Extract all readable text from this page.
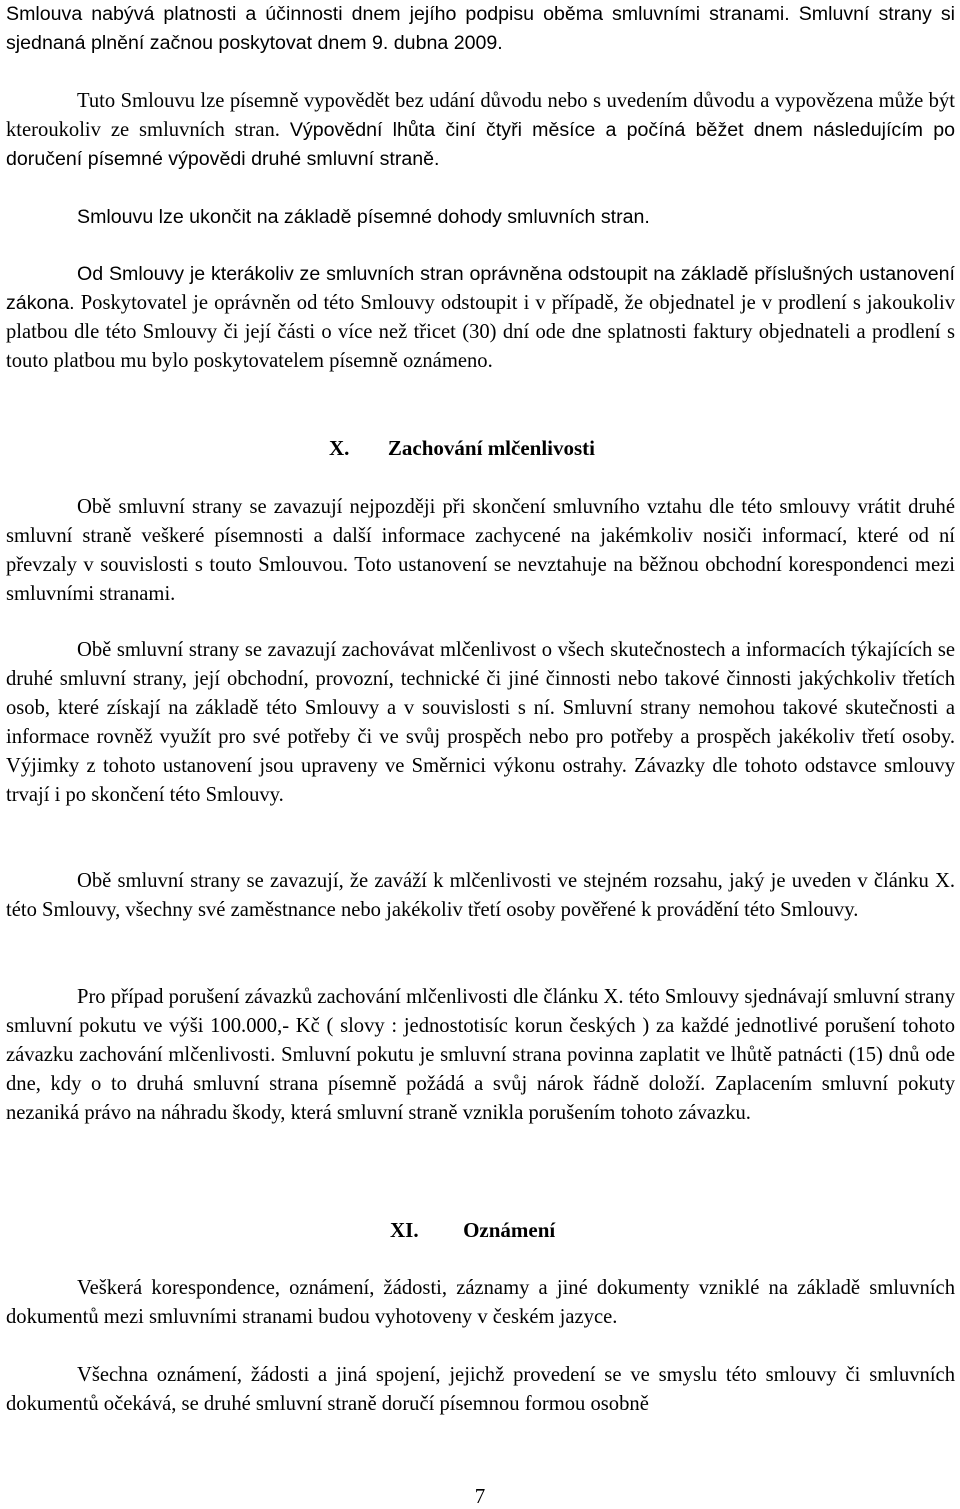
Smlouva nabývá platnosti a účinnosti dnem jejího podpisu oběma smluvními stranami. Smluvní strany si sjednaná plnění začnou poskytovat dnem 9. dubna 2009.

Tuto Smlouvu lze písemně vypovědět bez udání důvodu nebo s uvedením důvodu a vypovězena může být kteroukoliv ze smluvních stran. Výpovědní lhůta činí čtyři měsíce a počíná běžet dnem následujícím po doručení písemné výpovědi druhé smluvní straně.

Smlouvu lze ukončit na základě písemné dohody smluvních stran.

Od Smlouvy je kterákoliv ze smluvních stran oprávněna odstoupit na základě příslušných ustanovení zákona. Poskytovatel je oprávněn od této Smlouvy odstoupit i v případě, že objednatel je v prodlení s jakoukoliv platbou dle této Smlouvy či její části o více než třicet (30) dní ode dne splatnosti faktury objednateli a prodlení s touto platbou mu bylo poskytovatelem písemně oznámeno.

X. Zachování mlčenlivosti

Obě smluvní strany se zavazují nejpozději při skončení smluvního vztahu dle této smlouvy vrátit druhé smluvní straně veškeré písemnosti a další informace zachycené na jakémkoliv nosiči informací, které od ní převzaly v souvislosti s touto Smlouvou. Toto ustanovení se nevztahuje na běžnou obchodní korespondenci mezi smluvními stranami.

Obě smluvní strany se zavazují zachovávat mlčenlivost o všech skutečnostech a informacích týkajících se druhé smluvní strany, její obchodní, provozní, technické či jiné činnosti nebo takové činnosti jakýchkoliv třetích osob, které získají na základě této Smlouvy a v souvislosti s ní. Smluvní strany nemohou takové skutečnosti a informace rovněž využít pro své potřeby či ve svůj prospěch nebo pro potřeby a prospěch jakékoliv třetí osoby. Výjimky z tohoto ustanovení jsou upraveny ve Směrnici výkonu ostrahy. Závazky dle tohoto odstavce smlouvy trvají i po skončení této Smlouvy.

Obě smluvní strany se zavazují, že zaváží k mlčenlivosti ve stejném rozsahu, jaký je uveden v článku X. této Smlouvy, všechny své zaměstnance nebo jakékoliv třetí osoby pověřené k provádění této Smlouvy.

Pro případ porušení závazků zachování mlčenlivosti dle článku X. této Smlouvy sjednávají smluvní strany smluvní pokutu ve výši 100.000,- Kč ( slovy : jednostotisíc korun českých ) za každé jednotlivé porušení tohoto závazku zachování mlčenlivosti. Smluvní pokutu je smluvní strana povinna zaplatit ve lhůtě patnácti (15) dnů ode dne, kdy o to druhá smluvní strana písemně požádá a svůj nárok řádně doloží. Zaplacením smluvní pokuty nezaniká právo na náhradu škody, která smluvní straně vznikla porušením tohoto závazku.

XI. Oznámení

Veškerá korespondence, oznámení, žádosti, záznamy a jiné dokumenty vzniklé na základě smluvních dokumentů mezi smluvními stranami budou vyhotoveny v českém jazyce.

Všechna oznámení, žádosti a jiná spojení, jejichž provedení se ve smyslu této smlouvy či smluvních dokumentů očekává, se druhé smluvní straně doručí písemnou formou osobně

7
